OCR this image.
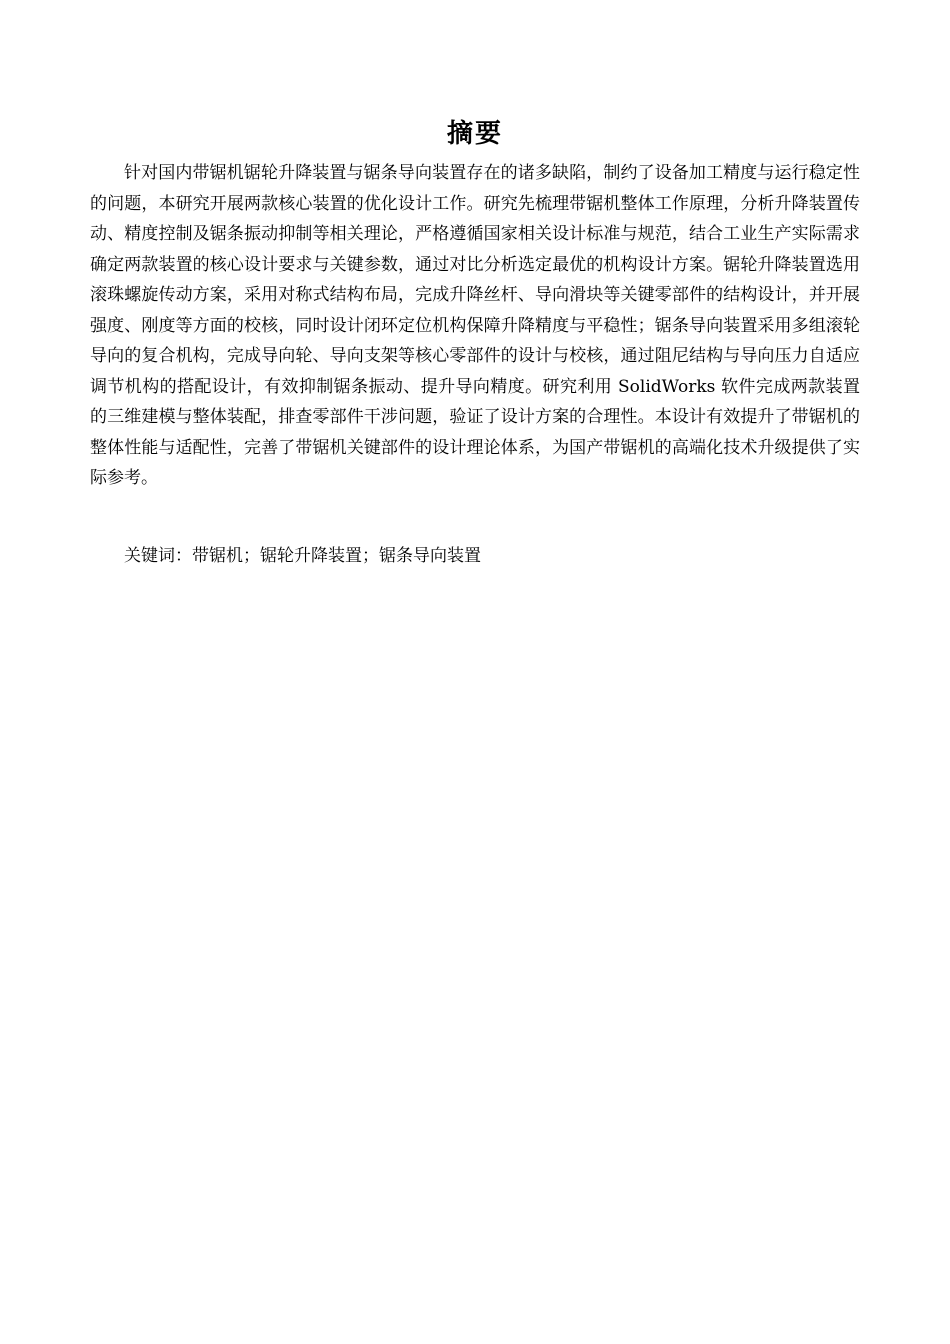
摘要

针对国内带锯机锯轮升降装置与锯条导向装置存在的诸多缺陷，制约了设备加工精度与运行稳定性的问题，本研究开展两款核心装置的优化设计工作。研究先梳理带锯机整体工作原理，分析升降装置传动、精度控制及锯条振动抑制等相关理论，严格遵循国家相关设计标准与规范，结合工业生产实际需求确定两款装置的核心设计要求与关键参数，通过对比分析选定最优的机构设计方案。锯轮升降装置选用滚珠螺旋传动方案，采用对称式结构布局，完成升降丝杆、导向滑块等关键零部件的结构设计，并开展强度、刚度等方面的校核，同时设计闭环定位机构保障升降精度与平稳性；锯条导向装置采用多组滚轮导向的复合机构，完成导向轮、导向支架等核心零部件的设计与校核，通过阻尼结构与导向压力自适应调节机构的搭配设计，有效抑制锯条振动、提升导向精度。研究利用 SolidWorks 软件完成两款装置的三维建模与整体装配，排查零部件干涉问题，验证了设计方案的合理性。本设计有效提升了带锯机的整体性能与适配性，完善了带锯机关键部件的设计理论体系，为国产带锯机的高端化技术升级提供了实际参考。

关键词：带锯机；锯轮升降装置；锯条导向装置
